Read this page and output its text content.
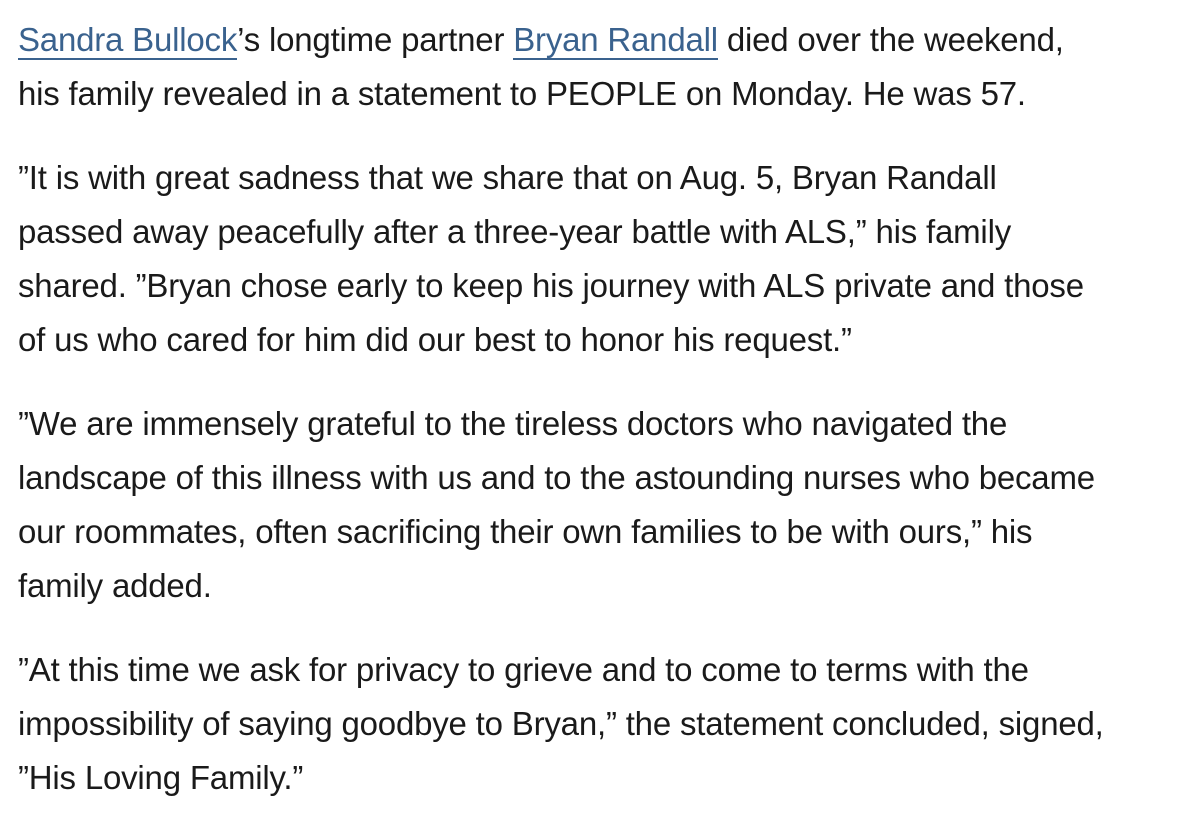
Sandra Bullock’s longtime partner Bryan Randall died over the weekend,
his family revealed in a statement to PEOPLE on Monday. He was 57.

”It is with great sadness that we share that on Aug. 5, Bryan Randall
passed away peacefully after a three-year battle with ALS,” his family
shared. ”Bryan chose early to keep his journey with ALS private and those
of us who cared for him did our best to honor his request.”

”We are immensely grateful to the tireless doctors who navigated the
landscape of this illness with us and to the astounding nurses who became
our roommates, often sacrificing their own families to be with ours,” his
family added.

”At this time we ask for privacy to grieve and to come to terms with the
impossibility of saying goodbye to Bryan,” the statement concluded, signed,
”His Loving Family.”
